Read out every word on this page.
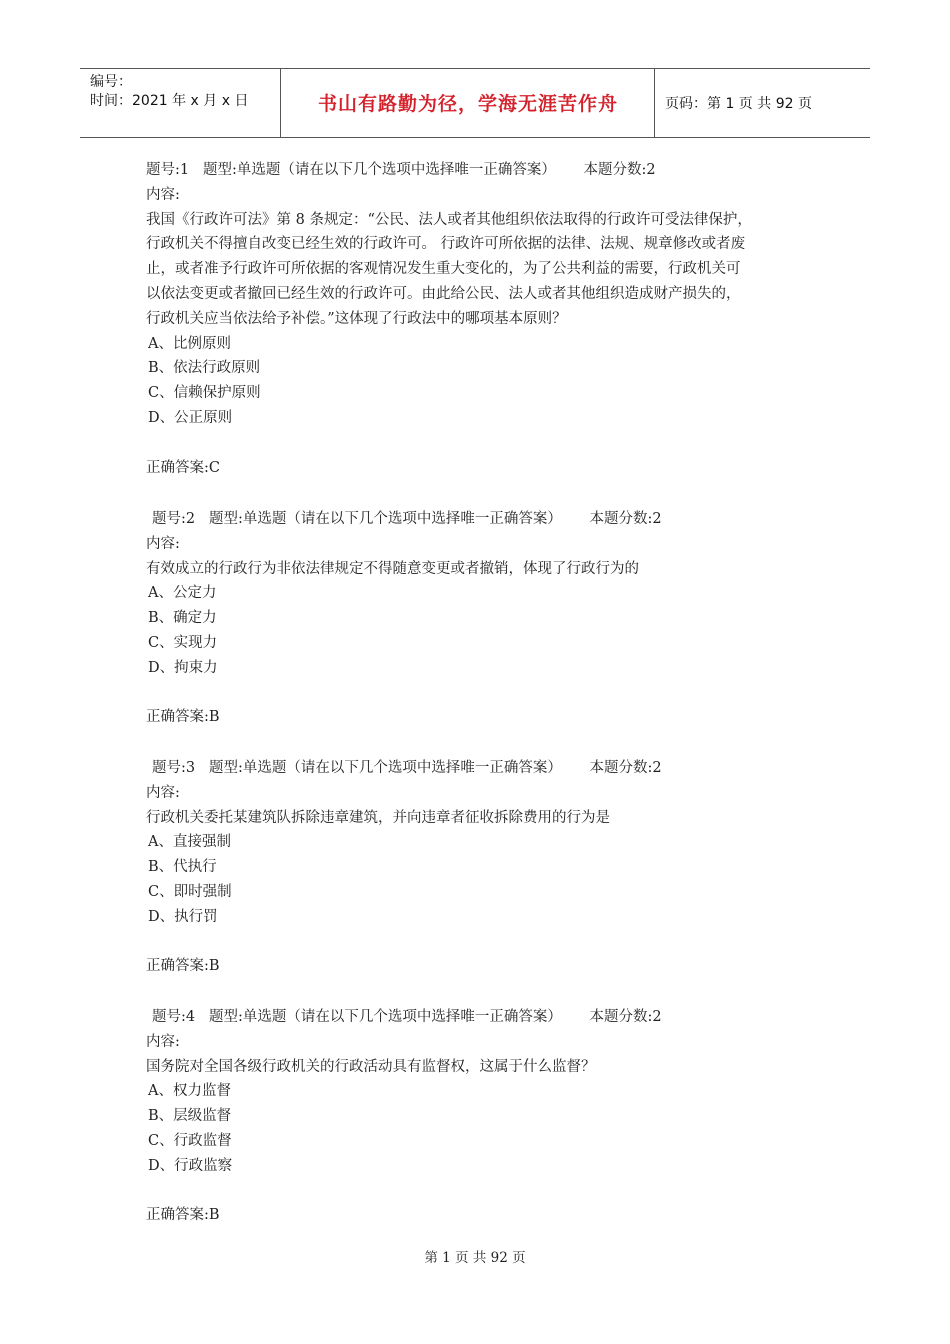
编号：
时间：2021 年 x 月 x 日	书山有路勤为径，学海无涯苦作舟	页码：第 1 页 共 92 页
题号:1 题型:单选题（请在以下几个选项中选择唯一正确答案） 本题分数:2
内容:
我国《行政许可法》第 8 条规定：“公民、法人或者其他组织依法取得的行政许可受法律保护，
行政机关不得擅自改变已经生效的行政许可。 行政许可所依据的法律、法规、规章修改或者废
止，或者准予行政许可所依据的客观情况发生重大变化的，为了公共利益的需要，行政机关可
以依法变更或者撤回已经生效的行政许可。由此给公民、法人或者其他组织造成财产损失的，
行政机关应当依法给予补偿。”这体现了行政法中的哪项基本原则？
A、比例原则
B、依法行政原则
C、信赖保护原则
D、公正原则
正确答案:C
题号:2 题型:单选题（请在以下几个选项中选择唯一正确答案） 本题分数:2
内容:
有效成立的行政行为非依法律规定不得随意变更或者撤销，体现了行政行为的
A、公定力
B、确定力
C、实现力
D、拘束力
正确答案:B
题号:3 题型:单选题（请在以下几个选项中选择唯一正确答案） 本题分数:2
内容:
行政机关委托某建筑队拆除违章建筑，并向违章者征收拆除费用的行为是
A、直接强制
B、代执行
C、即时强制
D、执行罚
正确答案:B
题号:4 题型:单选题（请在以下几个选项中选择唯一正确答案） 本题分数:2
内容:
国务院对全国各级行政机关的行政活动具有监督权，这属于什么监督？
A、权力监督
B、层级监督
C、行政监督
D、行政监察
正确答案:B
第 1 页 共 92 页
